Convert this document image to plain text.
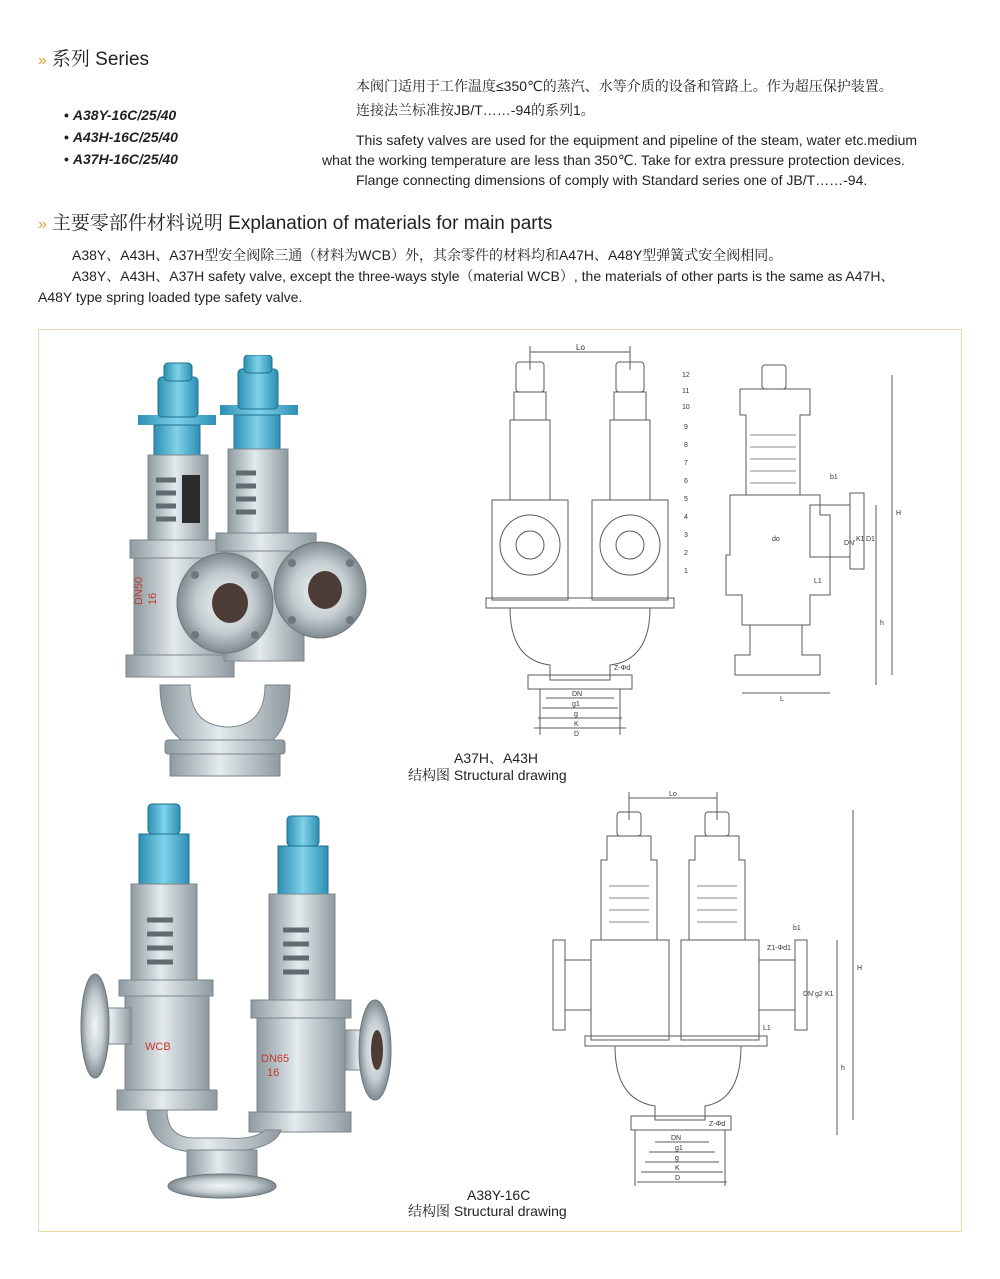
» 系列 Series
• A38Y-16C/25/40
• A43H-16C/25/40
• A37H-16C/25/40
本阀门适用于工作温度≤350℃的蒸汽、水等介质的设备和管路上。作为超压保护装置。
连接法兰标准按JB/T……-94的系列1。
This safety valves are used for the equipment and pipeline of the steam, water etc.medium
what the working temperature are less than 350℃. Take for extra pressure protection devices.
Flange connecting dimensions of comply with Standard series one of JB/T……-94.
» 主要零部件材料说明 Explanation of materials for main parts
A38Y、A43H、A37H型安全阀除三通（材料为WCB）外，其余零件的材料均和A47H、A48Y型弹簧式安全阀相同。
A38Y、A43H、A37H safety valve, except the three-ways style（material WCB）, the materials of other parts is the same as A47H、
A48Y type spring loaded type safety valve.
DN50 16
Lo
DN
g1
g
K
D
Z-Φd
12
11
10
9
8
7
6
5
4
3
2
1
H
h
L
L1
b1
DN'
K1 D1
do
A37H、A43H
结构图 Structural drawing
WCB
DN65
16
Lo
DN
g1
g
K
D
Z-Φd
H
h
L1
b1
Z1-Φd1
DN' g2 K1
A38Y-16C
结构图 Structural drawing
